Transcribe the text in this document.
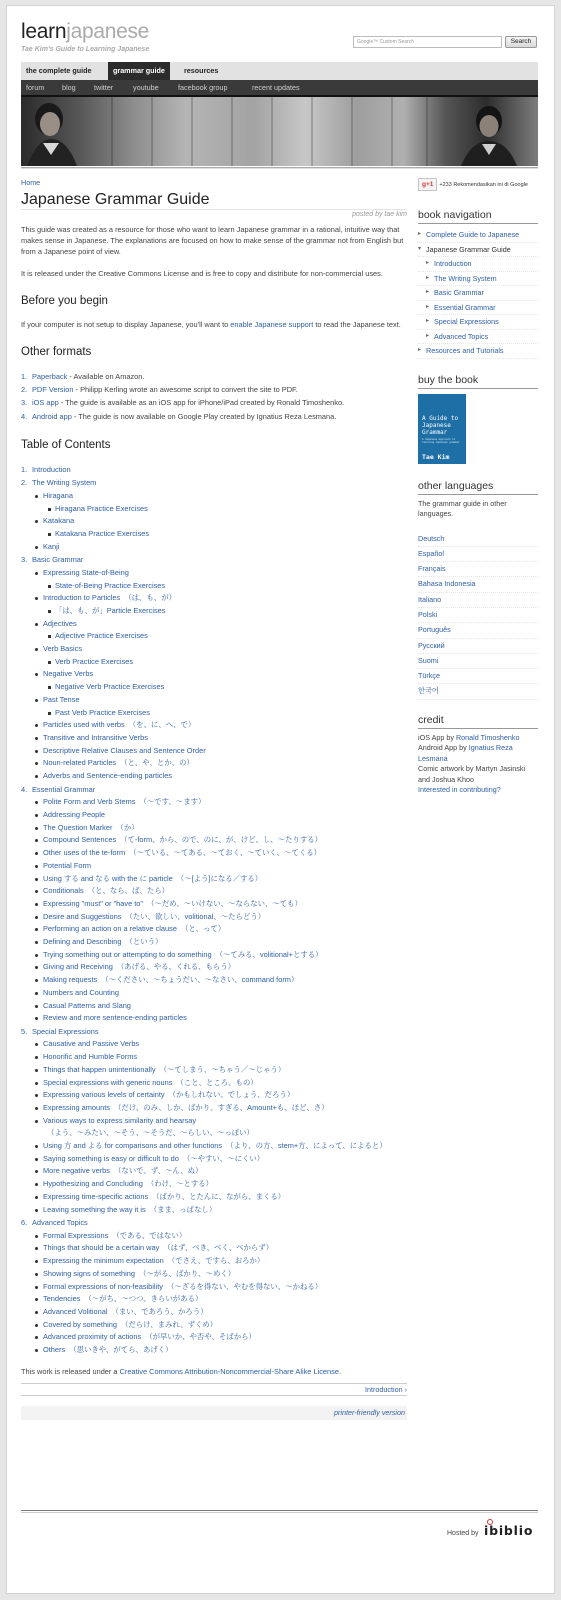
learnjapanese
Tae Kim's Guide to Learning Japanese
Google™ Custom Search	Search
the complete guide	grammar guide	resources
forum blog	twitter	youtube	facebook group	recent updates
Home
Japanese Grammar Guide
posted by tae kim

This guide was created as a resource for those who want to learn Japanese grammar in a rational, intuitive way that makes sense in Japanese. The explanations are focused on how to make sense of the grammar not from English but from a Japanese point of view.

It is released under the Creative Commons License and is free to copy and distribute for non-commercial uses.

Before you begin

If your computer is not setup to display Japanese, you'll want to enable Japanese support to read the Japanese text.

Other formats
1. Paperback - Available on Amazon.
2. PDF Version - Philipp Kerling wrote an awesome script to convert the site to PDF.
3. iOS app - The guide is available as an iOS app for iPhone/iPad created by Ronald Timoshenko.
4. Android app - The guide is now available on Google Play created by Ignatius Reza Lesmana.
Table of Contents
1. Introduction
2. The Writing System
Hiragana
Hiragana Practice Exercises
Katakana
Katakana Practice Exercises
Kanji
3. Basic Grammar
Expressing State-of-Being
State-of-Being Practice Exercises
Introduction to Particles （は、も、が）
「は、も、が」Particle Exercises
Adjectives
Adjective Practice Exercises
Verb Basics
Verb Practice Exercises
Negative Verbs
Negative Verb Practice Exercises
Past Tense
Past Verb Practice Exercises
Particles used with verbs （を、に、へ、で）
Transitive and Intransitive Verbs
Descriptive Relative Clauses and Sentence Order
Noun-related Particles （と、や、とか、の）
Adverbs and Sentence-ending particles
4. Essential Grammar
Polite Form and Verb Stems （～です、～ます）
Addressing People
The Question Marker （か）
Compound Sentences （て-form、から、ので、のに、が、けど、し、～たりする）
Other uses of the te-form （～ている、～てある、～ておく、～ていく、～てくる）
Potential Form
Using する and なる with the に particle （～[よう]になる／する）
Conditionals （と、なら、ば、たら）
Expressing "must" or "have to" （～だめ、～いけない、～ならない、～ても）
Desire and Suggestions （たい、欲しい、volitional、～たらどう）
Performing an action on a relative clause （と、って）
Defining and Describing （という）
Trying something out or attempting to do something （～てみる、volitional+とする）
Giving and Receiving （あげる、やる、くれる、もらう）
Making requests （～ください、～ちょうだい、～なさい、command form）
Numbers and Counting
Casual Patterns and Slang
Review and more sentence-ending particles
5. Special Expressions
Causative and Passive Verbs
Honorific and Humble Forms
Things that happen unintentionally （～てしまう、～ちゃう／～じゃう）
Special expressions with generic nouns （こと、ところ、もの）
Expressing various levels of certainty （かもしれない、でしょう、だろう）
Expressing amounts （だけ、のみ、しか、ばかり、すぎる、Amount+も、ほど、さ）
Various ways to express similarity and hearsay（よう、～みたい、～そう、～そうだ、～らしい、～っぽい）
Using 方 and よる for comparisons and other functions （より、の方、stem+方、によって、によると）
Saying something is easy or difficult to do （～やすい、～にくい）
More negative verbs （ないで、ず、～ん、ぬ）
Hypothesizing and Concluding （わけ、～とする）
Expressing time-specific actions （ばかり、とたんに、ながら、まくる）
Leaving something the way it is （まま、っぱなし）
6. Advanced Topics
Formal Expressions （である、ではない）
Things that should be a certain way （はず、べき、べく、べからず）
Expressing the minimum expectation （でさえ、ですら、おろか）
Showing signs of something （～がる、ばかり、～めく）
Formal expressions of non-feasibility （～ざるを得ない、やむを得ない、～かねる）
Tendencies （～がち、～つつ、きらいがある）
Advanced Volitional （まい、であろう、かろう）
Covered by something （だらけ、まみれ、ずくめ）
Advanced proximity of actions （が早いか、や否や、そばから）
Others （思いきや、がてら、あげく）

This work is released under a Creative Commons Attribution-Noncommercial-Share Alike License.

Introduction ›
printer-friendly version
g+1 +233 Rekomendasikan ini di Google
book navigation
▸ Complete Guide to Japanese
▾ Japanese Grammar Guide
▸ Introduction
▸ The Writing System
▸ Basic Grammar
▸ Essential Grammar
▸ Special Expressions
▸ Advanced Topics
▸ Resources and Tutorials
buy the book
A Guide to Japanese Grammar
A Japanese approach to learning Japanese grammar
Tae Kim
other languages

The grammar guide in other languages.

Deutsch
Español
Français
Bahasa Indonesia
Italiano
Polski
Português
Русский
Suomi
Türkçe
한국어
credit
iOS App by Ronald Timoshenko
Android App by Ignatius Reza Lesmana
Comic artwork by Martyn Jasinski and Joshua Khoo
Interested in contributing?
Hosted by ibiblio
